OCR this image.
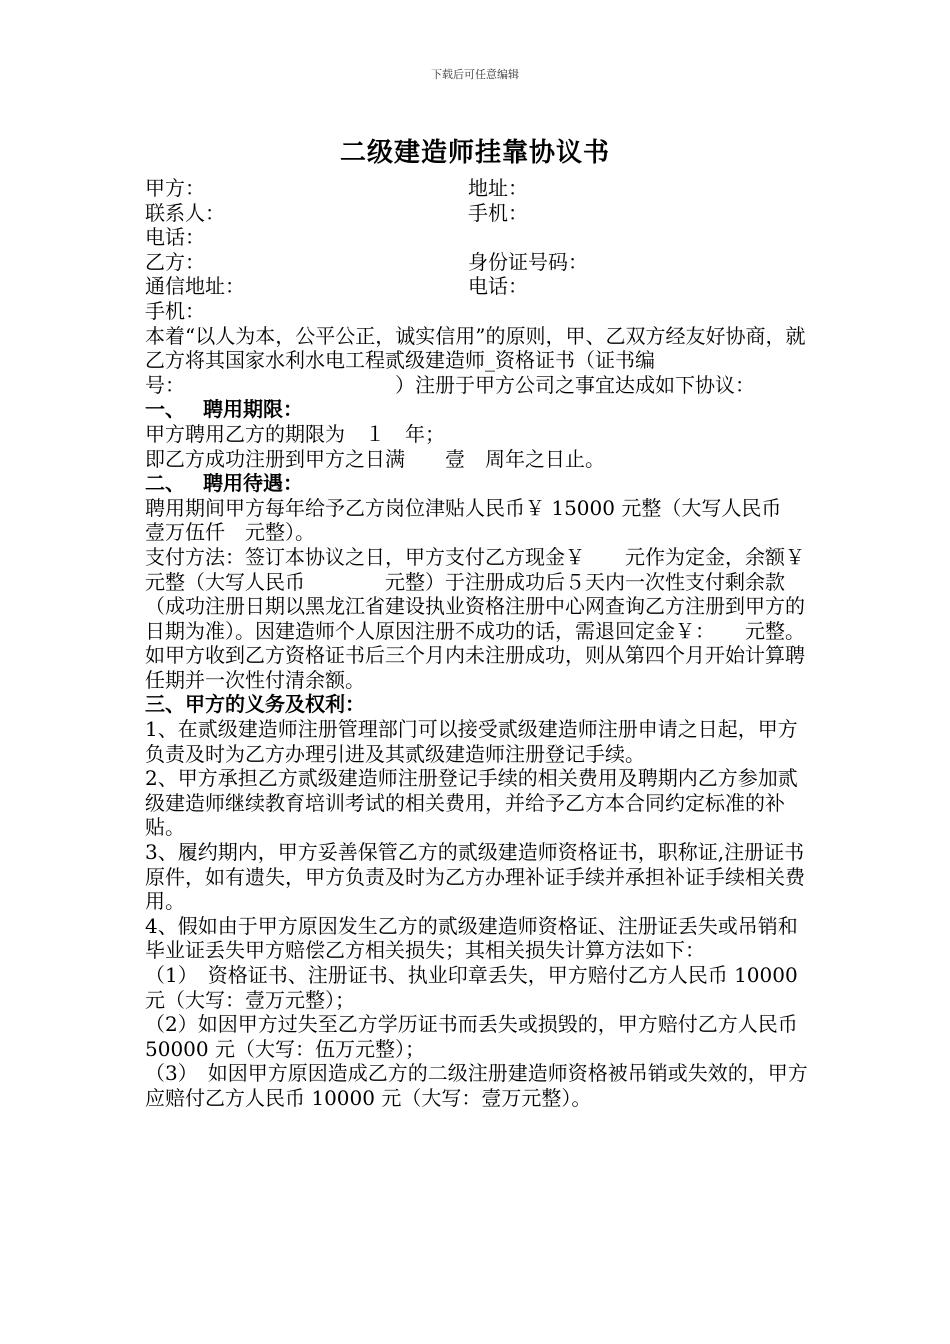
下载后可任意编辑
二级建造师挂靠协议书
甲方：	地址：
联系人：	手机：
电话：
乙方：	身份证号码：
通信地址：	电话：
手机：

本着“以人为本，公平公正，诚实信用”的原则，甲、乙双方经友好协商，就乙方将其国家水利水电工程贰级建造师_资格证书（证书编　号：　　　　　　　　　　　）注册于甲方公司之事宜达成如下协议：

一、 聘用期限：

甲方聘用乙方的期限为　１　年；

即乙方成功注册到甲方之日满　　壹　周年之日止。

二、 聘用待遇：

聘用期间甲方每年给予乙方岗位津贴人民币￥ 15000 元整（大写人民币　　壹万伍仟　元整）。

支付方法：签订本协议之日，甲方支付乙方现金￥　　元作为定金，余额￥　　　元整（大写人民币　　　　元整）于注册成功后５天内一次性支付剩余款（成功注册日期以黑龙江省建设执业资格注册中心网查询乙方注册到甲方的日期为准）。因建造师个人原因注册不成功的话，需退回定金￥：　　元整。如甲方收到乙方资格证书后三个月内未注册成功，则从第四个月开始计算聘任期并一次性付清余额。

三、甲方的义务及权利：

1、在贰级建造师注册管理部门可以接受贰级建造师注册申请之日起，甲方负责及时为乙方办理引进及其贰级建造师注册登记手续。

2、甲方承担乙方贰级建造师注册登记手续的相关费用及聘期内乙方参加贰级建造师继续教育培训考试的相关费用，并给予乙方本合同约定标准的补贴。

3、履约期内，甲方妥善保管乙方的贰级建造师资格证书，职称证,注册证书原件，如有遗失，甲方负责及时为乙方办理补证手续并承担补证手续相关费用。

4、假如由于甲方原因发生乙方的贰级建造师资格证、注册证丢失或吊销和毕业证丢失甲方赔偿乙方相关损失；其相关损失计算方法如下：

（1）　资格证书、注册证书、执业印章丢失，甲方赔付乙方人民币 10000 元（大写：壹万元整）；

（2）如因甲方过失至乙方学历证书而丢失或损毁的，甲方赔付乙方人民币 50000 元（大写：伍万元整）；

（3）　如因甲方原因造成乙方的二级注册建造师资格被吊销或失效的，甲方应赔付乙方人民币 10000 元（大写：壹万元整）。
